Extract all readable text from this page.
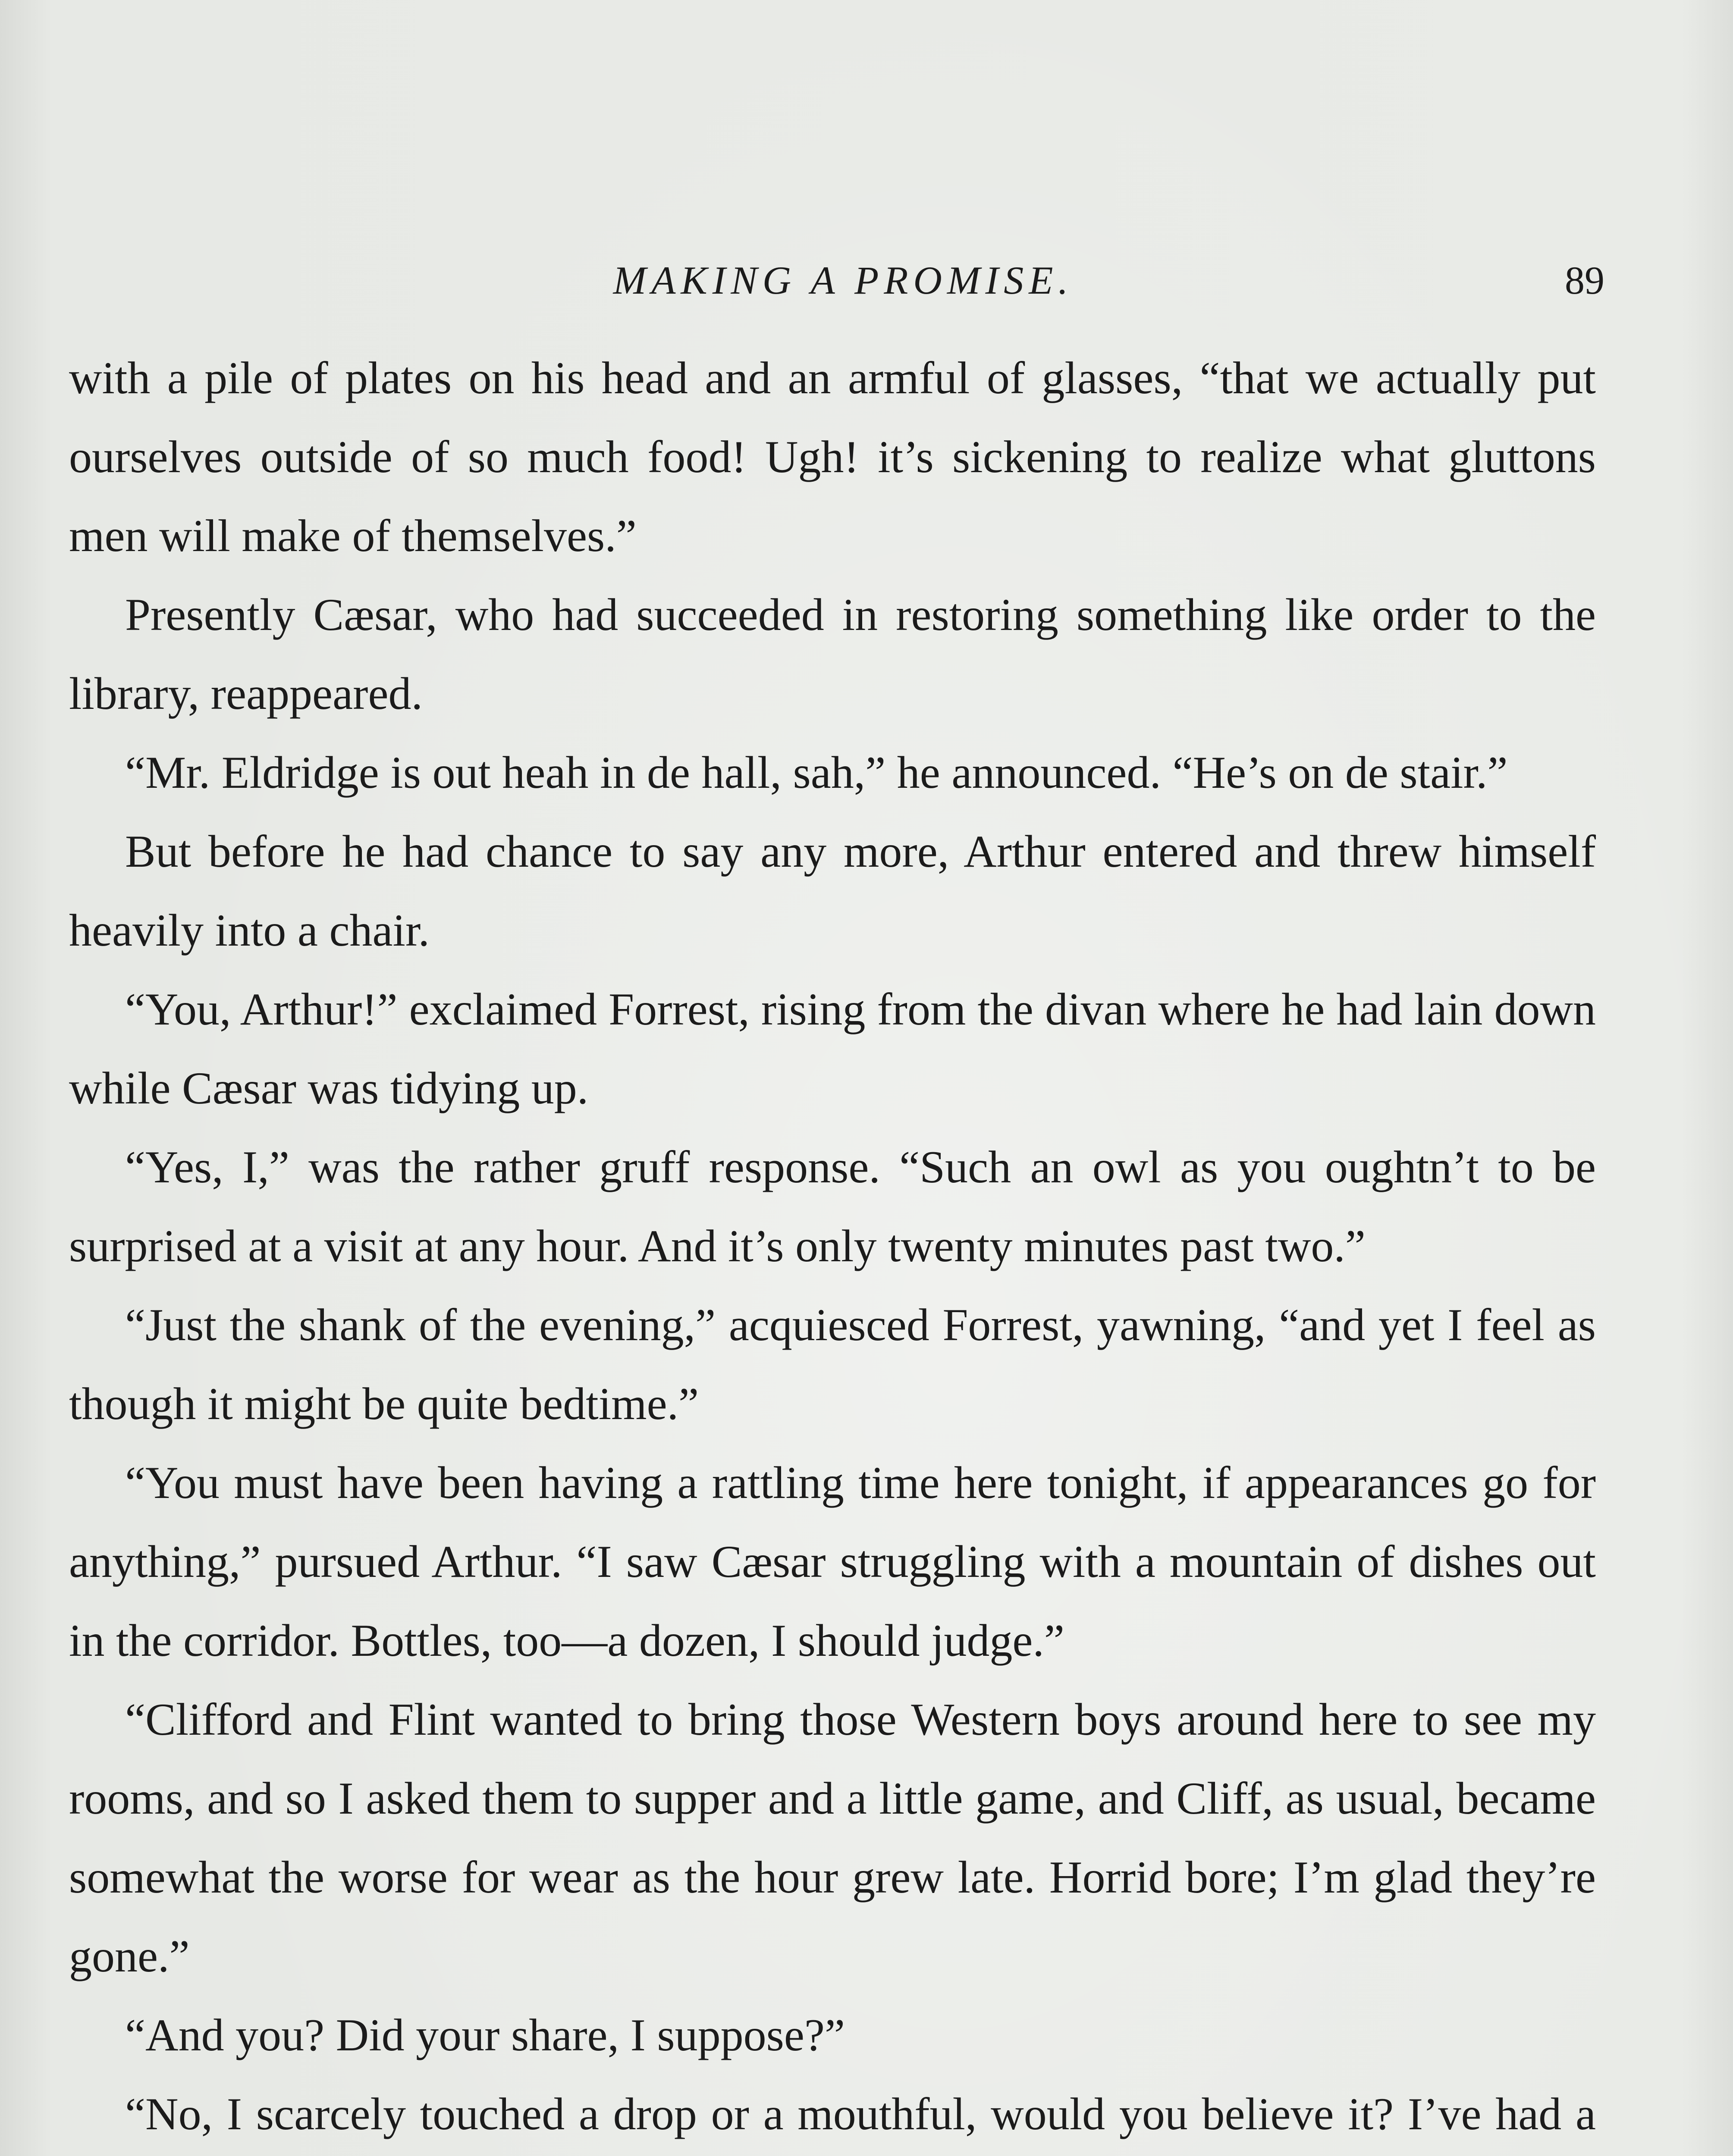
MAKING A PROMISE.	89

with a pile of plates on his head and an armful of glasses, “that we actually put ourselves outside of so much food! Ugh! it’s sickening to realize what gluttons men will make of themselves.”

Presently Cæsar, who had succeeded in restoring something like order to the library, reappeared.

“Mr. Eldridge is out heah in de hall, sah,” he announced. “He’s on de stair.”

But before he had chance to say any more, Arthur entered and threw himself heavily into a chair.

“You, Arthur!” exclaimed Forrest, rising from the divan where he had lain down while Cæsar was tidying up.

“Yes, I,” was the rather gruff response. “Such an owl as you oughtn’t to be surprised at a visit at any hour. And it’s only twenty minutes past two.”

“Just the shank of the evening,” acquiesced Forrest, yawning, “and yet I feel as though it might be quite bedtime.”

“You must have been having a rattling time here tonight, if appearances go for anything,” pursued Arthur. “I saw Cæsar struggling with a mountain of dishes out in the corridor. Bottles, too—a dozen, I should judge.”

“Clifford and Flint wanted to bring those Western boys around here to see my rooms, and so I asked them to supper and a little game, and Cliff, as usual, became somewhat the worse for wear as the hour grew late. Horrid bore; I’m glad they’re gone.”

“And you? Did your share, I suppose?”

“No, I scarcely touched a drop or a mouthful, would you believe it? I’ve had a
